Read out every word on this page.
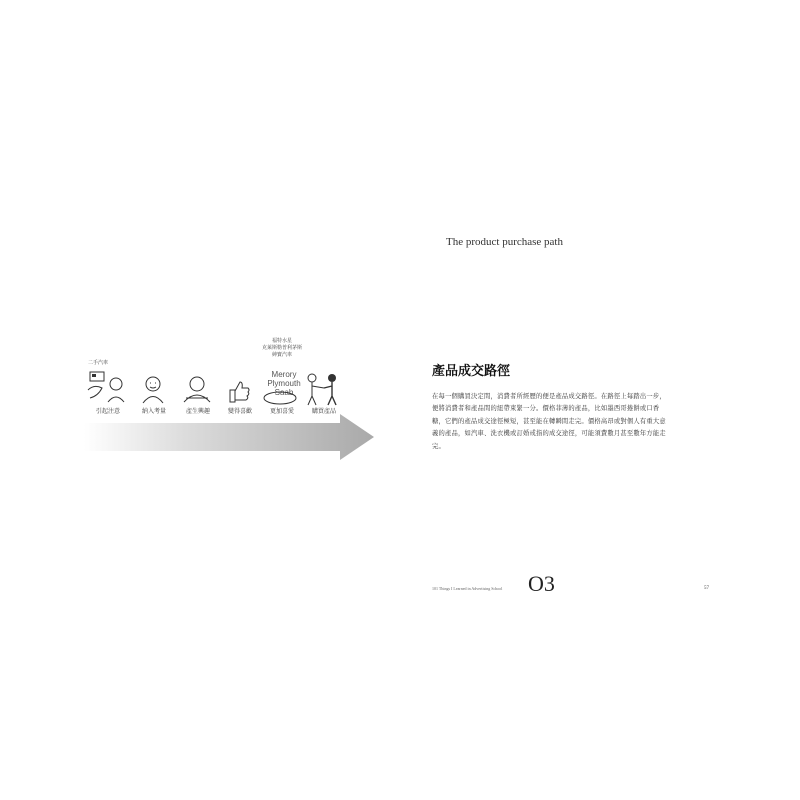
二手汽車
福特水星
克萊斯勒普利茅斯
紳寶汽車
Merory
Plymouth
Saab
引起注意	納入考量	產生興趣	變得喜歡	更加喜愛	購買產品
The product purchase path
產品成交路徑
在每一個購買決定間，消費者所經歷的便是產品成交路徑。在路徑上每踏出一步，
便將消費者和產品間的紐帶束緊一分。價格菲薄的產品，比如墨西哥捲餅或口香
糖，它們的產品成交途徑極短，甚至能在轉瞬間走完。價格高昂或對個人有重大意
義的產品，如汽車、洗衣機或訂婚戒指的成交途徑，可能須費數月甚至數年方能走
完。
101 Things I Learned in Advertising School O3	57
